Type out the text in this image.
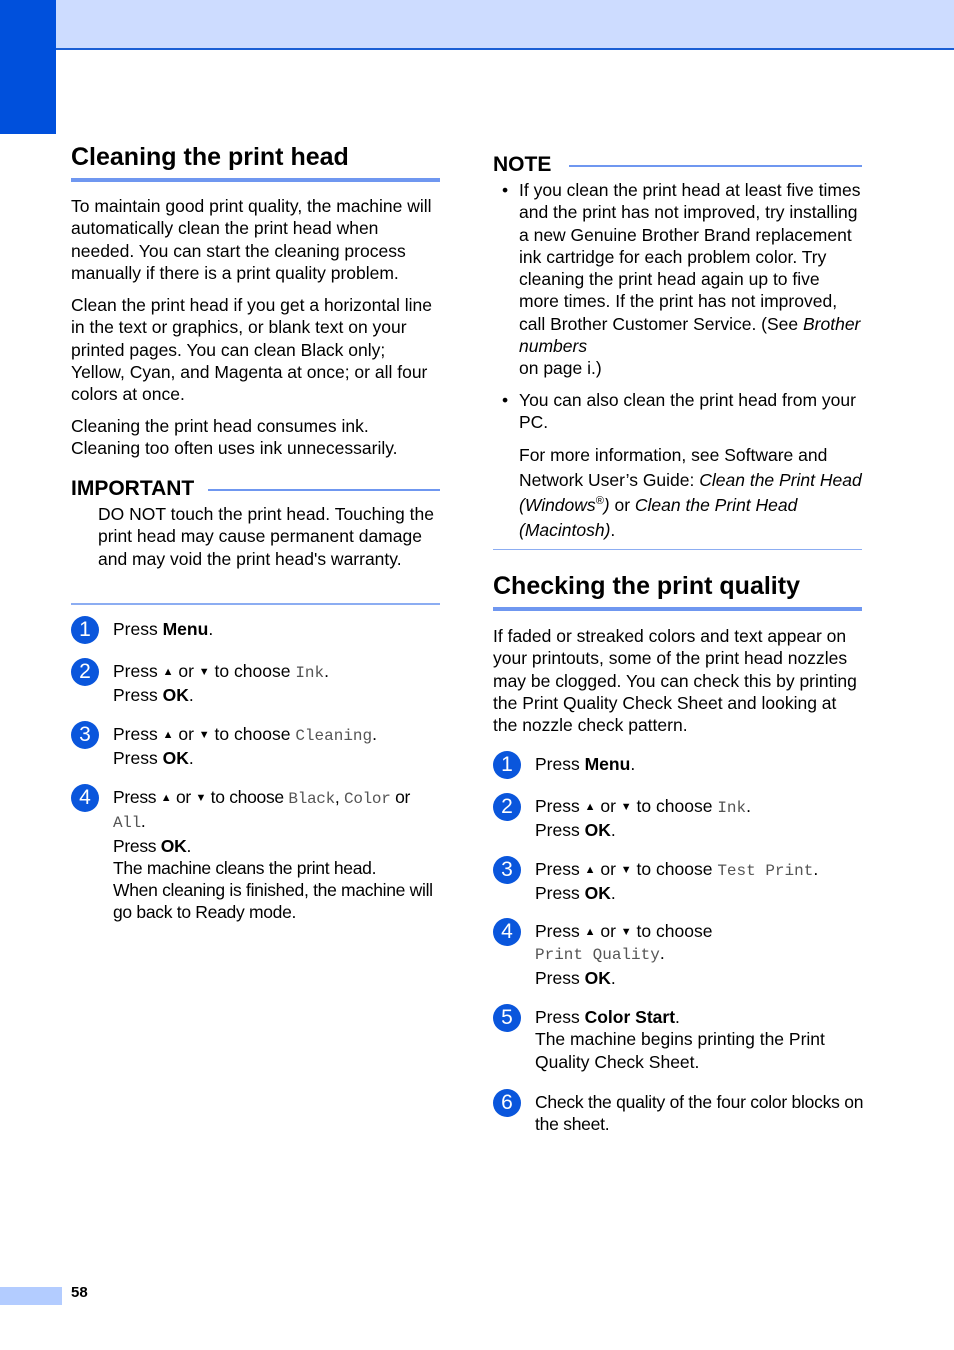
Cleaning the print head

To maintain good print quality, the machine will automatically clean the print head when needed. You can start the cleaning process manually if there is a print quality problem.

Clean the print head if you get a horizontal line in the text or graphics, or blank text on your printed pages. You can clean Black only; Yellow, Cyan, and Magenta at once; or all four colors at once.

Cleaning the print head consumes ink. Cleaning too often uses ink unnecessarily.

IMPORTANT

DO NOT touch the print head. Touching the print head may cause permanent damage and may void the print head's warranty.

1	Press Menu.
2	Press ▲ or ▼ to choose Ink.
Press OK.
3	Press ▲ or ▼ to choose Cleaning.
Press OK.
4	Press ▲ or ▼ to choose Black, Color or
All.
Press OK.
The machine cleans the print head.
When cleaning is finished, the machine will go back to Ready mode.
NOTE
• If you clean the print head at least five times and the print has not improved, try installing a new Genuine Brother Brand replacement ink cartridge for each problem color. Try cleaning the print head again up to five more times. If the print has not improved, call Brother Customer Service. (See Brother numbers
on page i.)
• You can also clean the print head from your PC.
For more information, see Software and Network User’s Guide: Clean the Print Head (Windows®) or Clean the Print Head (Macintosh).
Checking the print quality

If faded or streaked colors and text appear on your printouts, some of the print head nozzles may be clogged. You can check this by printing the Print Quality Check Sheet and looking at the nozzle check pattern.

1	Press Menu.
2	Press ▲ or ▼ to choose Ink.
Press OK.
3	Press ▲ or ▼ to choose Test Print.
Press OK.
4	Press ▲ or ▼ to choose
Print Quality.
Press OK.
5	Press Color Start.
The machine begins printing the Print Quality Check Sheet.
6	Check the quality of the four color blocks on the sheet.
58
